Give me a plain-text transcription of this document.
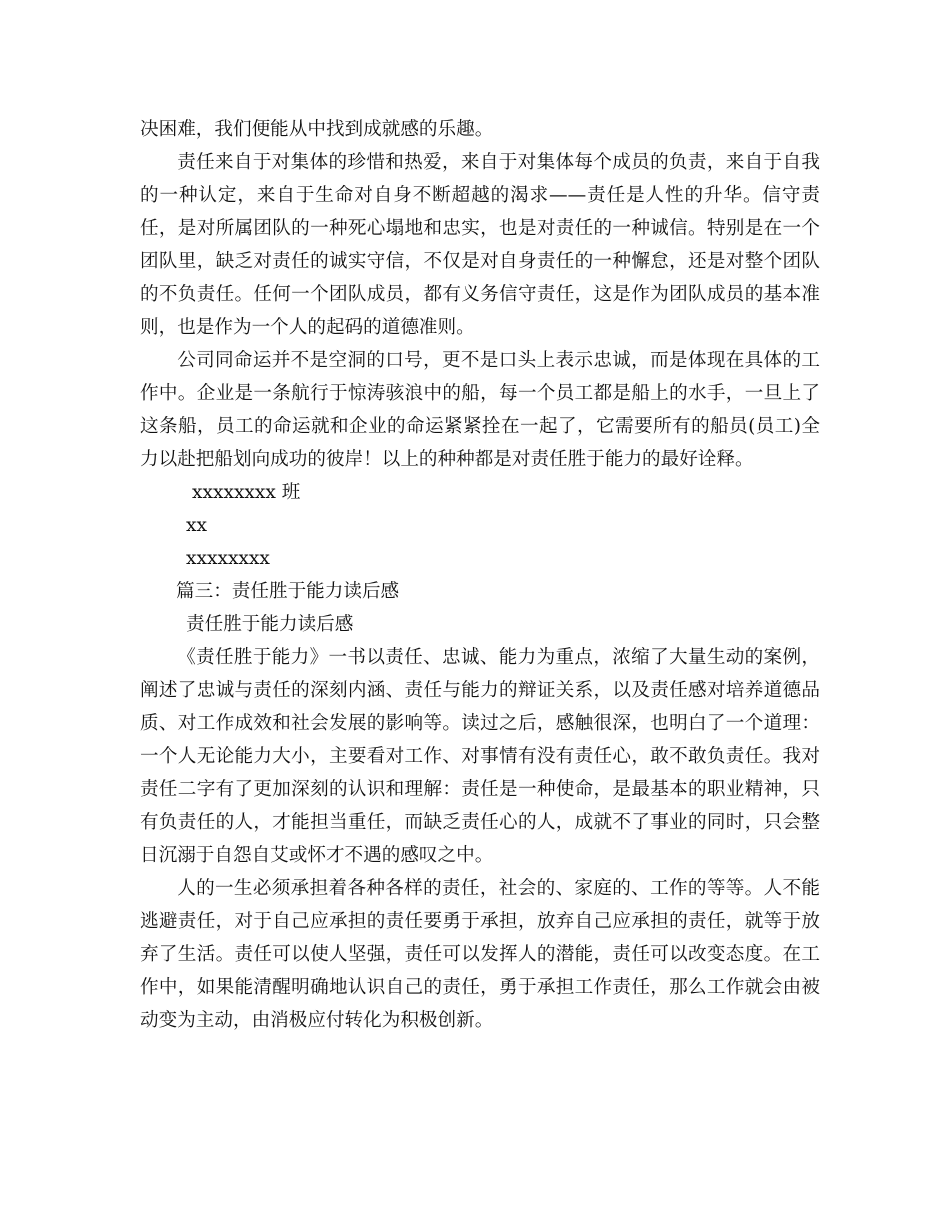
决困难，我们便能从中找到成就感的乐趣。

责任来自于对集体的珍惜和热爱，来自于对集体每个成员的负责，来自于自我的一种认定，来自于生命对自身不断超越的渴求——责任是人性的升华。信守责任，是对所属团队的一种死心塌地和忠实，也是对责任的一种诚信。特别是在一个团队里，缺乏对责任的诚实守信，不仅是对自身责任的一种懈怠，还是对整个团队的不负责任。任何一个团队成员，都有义务信守责任，这是作为团队成员的基本准则，也是作为一个人的起码的道德准则。

公司同命运并不是空洞的口号，更不是口头上表示忠诚，而是体现在具体的工作中。企业是一条航行于惊涛骇浪中的船，每一个员工都是船上的水手，一旦上了这条船，员工的命运就和企业的命运紧紧拴在一起了，它需要所有的船员(员工)全力以赴把船划向成功的彼岸！以上的种种都是对责任胜于能力的最好诠释。

xxxxxxxx 班

xx

xxxxxxxx

篇三：责任胜于能力读后感

责任胜于能力读后感

《责任胜于能力》一书以责任、忠诚、能力为重点，浓缩了大量生动的案例，阐述了忠诚与责任的深刻内涵、责任与能力的辩证关系，以及责任感对培养道德品质、对工作成效和社会发展的影响等。读过之后，感触很深，也明白了一个道理：一个人无论能力大小，主要看对工作、对事情有没有责任心，敢不敢负责任。我对责任二字有了更加深刻的认识和理解：责任是一种使命，是最基本的职业精神，只有负责任的人，才能担当重任，而缺乏责任心的人，成就不了事业的同时，只会整日沉溺于自怨自艾或怀才不遇的感叹之中。

人的一生必须承担着各种各样的责任，社会的、家庭的、工作的等等。人不能逃避责任，对于自己应承担的责任要勇于承担，放弃自己应承担的责任，就等于放弃了生活。责任可以使人坚强，责任可以发挥人的潜能，责任可以改变态度。在工作中，如果能清醒明确地认识自己的责任，勇于承担工作责任，那么工作就会由被动变为主动，由消极应付转化为积极创新。
